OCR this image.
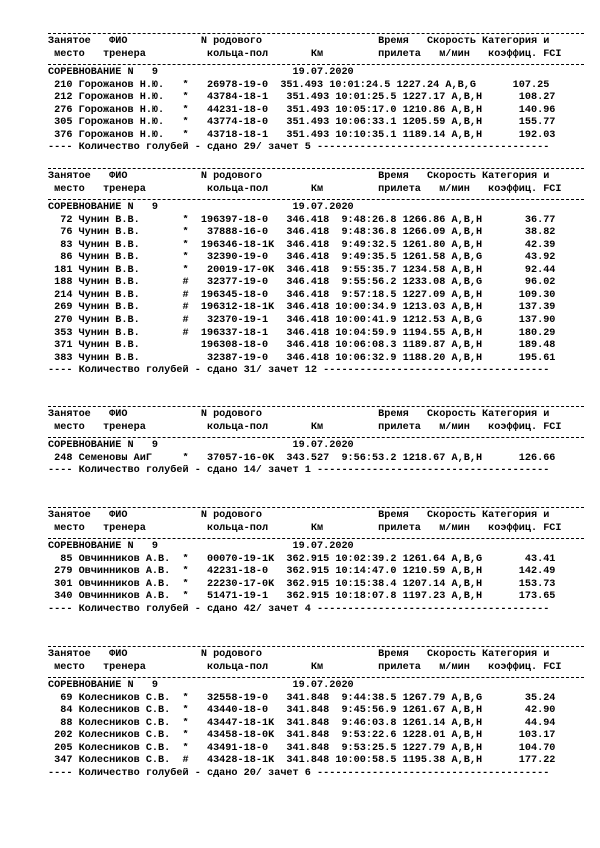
Занятое   ФИО            N родового                   Время   Скорость Категория и
место   тренера          кольца-пол       Км         прилета   м/мин   коэффиц. FCI
СОРЕВНОВАНИЕ N   9                      19.07.2020
210 Горожанов Н.Ю.   *   26978-19-0  351.493 10:01:24.5 1227.24 A,B,G      107.25
212 Горожанов Н.Ю.   *   43784-18-1   351.493 10:01:25.5 1227.17 A,B,H      108.27
276 Горожанов Н.Ю.   *   44231-18-0   351.493 10:05:17.0 1210.86 A,B,H      140.96
305 Горожанов Н.Ю.   *   43774-18-0   351.493 10:06:33.1 1205.59 A,B,H      155.77
376 Горожанов Н.Ю.   *   43718-18-1   351.493 10:10:35.1 1189.14 A,B,H      192.03
---- Количество голубей - сдано 29/ зачет 5 --------------------------------------
Занятое   ФИО            N родового                   Время   Скорость Категория и
место   тренера          кольца-пол       Км         прилета   м/мин   коэффиц. FCI
СОРЕВНОВАНИЕ N   9                      19.07.2020
72 Чунин В.В.       *  196397-18-0   346.418  9:48:26.8 1266.86 A,B,H       36.77
76 Чунин В.В.       *   37888-16-0   346.418  9:48:36.8 1266.09 A,B,H       38.82
83 Чунин В.В.       *  196346-18-1K  346.418  9:49:32.5 1261.80 A,B,H       42.39
86 Чунин В.В.       *   32390-19-0   346.418  9:49:35.5 1261.58 A,B,G       43.92
181 Чунин В.В.       *   20019-17-0K  346.418  9:55:35.7 1234.58 A,B,H       92.44
188 Чунин В.В.       #   32377-19-0   346.418  9:55:56.2 1233.08 A,B,G       96.02
214 Чунин В.В.       #  196345-18-0   346.418  9:57:18.5 1227.09 A,B,H      109.30
269 Чунин В.В.       #  196312-18-1K  346.418 10:00:34.9 1213.03 A,B,H      137.39
270 Чунин В.В.       #   32370-19-1   346.418 10:00:41.9 1212.53 A,B,G      137.90
353 Чунин В.В.       #  196337-18-1   346.418 10:04:59.9 1194.55 A,B,H      180.29
371 Чунин В.В.          196308-18-0   346.418 10:06:08.3 1189.87 A,B,H      189.48
383 Чунин В.В.           32387-19-0   346.418 10:06:32.9 1188.20 A,B,H      195.61
---- Количество голубей - сдано 31/ зачет 12 -------------------------------------
Занятое   ФИО            N родового                   Время   Скорость Категория и
место   тренера          кольца-пол       Км         прилета   м/мин   коэффиц. FCI
СОРЕВНОВАНИЕ N   9                      19.07.2020
248 Семеновы АиГ     *   37057-16-0K  343.527  9:56:53.2 1218.67 A,B,H      126.66
---- Количество голубей - сдано 14/ зачет 1 --------------------------------------
Занятое   ФИО            N родового                   Время   Скорость Категория и
место   тренера          кольца-пол       Км         прилета   м/мин   коэффиц. FCI
СОРЕВНОВАНИЕ N   9                      19.07.2020
85 Овчинников А.В.  *   00070-19-1K  362.915 10:02:39.2 1261.64 A,B,G       43.41
279 Овчинников А.В.  *   42231-18-0   362.915 10:14:47.0 1210.59 A,B,H      142.49
301 Овчинников А.В.  *   22230-17-0K  362.915 10:15:38.4 1207.14 A,B,H      153.73
340 Овчинников А.В.  *   51471-19-1   362.915 10:18:07.8 1197.23 A,B,H      173.65
---- Количество голубей - сдано 42/ зачет 4 --------------------------------------
Занятое   ФИО            N родового                   Время   Скорость Категория и
место   тренера          кольца-пол       Км         прилета   м/мин   коэффиц. FCI
СОРЕВНОВАНИЕ N   9                      19.07.2020
69 Колесников С.В.  *   32558-19-0   341.848  9:44:38.5 1267.79 A,B,G       35.24
84 Колесников С.В.  *   43440-18-0   341.848  9:45:56.9 1261.67 A,B,H       42.90
88 Колесников С.В.  *   43447-18-1K  341.848  9:46:03.8 1261.14 A,B,H       44.94
202 Колесников С.В.  *   43458-18-0K  341.848  9:53:22.6 1228.01 A,B,H      103.17
205 Колесников С.В.  *   43491-18-0   341.848  9:53:25.5 1227.79 A,B,H      104.70
347 Колесников С.В.  #   43428-18-1K  341.848 10:00:58.5 1195.38 A,B,H      177.22
---- Количество голубей - сдано 20/ зачет 6 --------------------------------------
